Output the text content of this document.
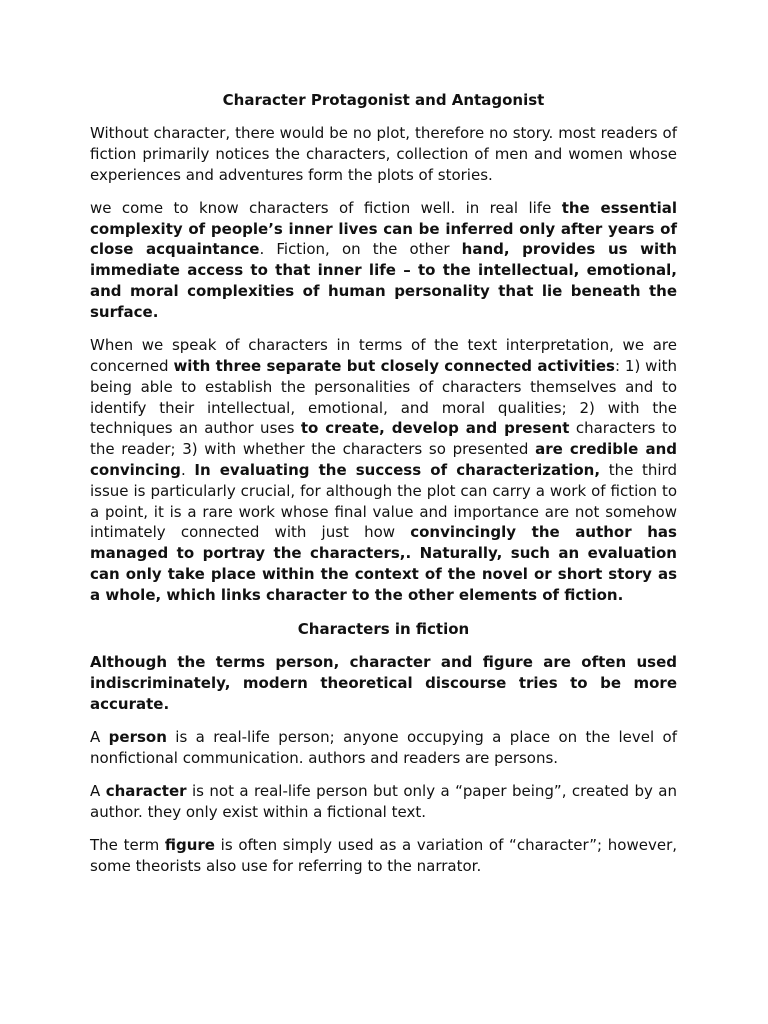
Character Protagonist and Antagonist

Without character, there would be no plot, therefore no story. most readers of fiction primarily notices the characters, collection of men and women whose experiences and adventures form the plots of stories.

we come to know characters of fiction well. in real life the essential complexity of people’s inner lives can be inferred only after years of close acquaintance. Fiction, on the other hand, provides us with immediate access to that inner life – to the intellectual, emotional, and moral complexities of human personality that lie beneath the surface.

When we speak of characters in terms of the text interpretation, we are concerned with three separate but closely connected activities: 1) with being able to establish the personalities of characters themselves and to identify their intellectual, emotional, and moral qualities; 2) with the techniques an author uses to create, develop and present characters to the reader; 3) with whether the characters so presented are credible and convincing. In evaluating the success of characterization, the third issue is particularly crucial, for although the plot can carry a work of fiction to a point, it is a rare work whose final value and importance are not somehow intimately connected with just how convincingly the author has managed to portray the characters,. Naturally, such an evaluation can only take place within the context of the novel or short story as a whole, which links character to the other elements of fiction.

Characters in fiction

Although the terms person, character and figure are often used indiscriminately, modern theoretical discourse tries to be more accurate.

A person is a real-life person; anyone occupying a place on the level of nonfictional communication. authors and readers are persons.

A character is not a real-life person but only a “paper being”, created by an author. they only exist within a fictional text.

The term figure is often simply used as a variation of “character”; however, some theorists also use for referring to the narrator.
